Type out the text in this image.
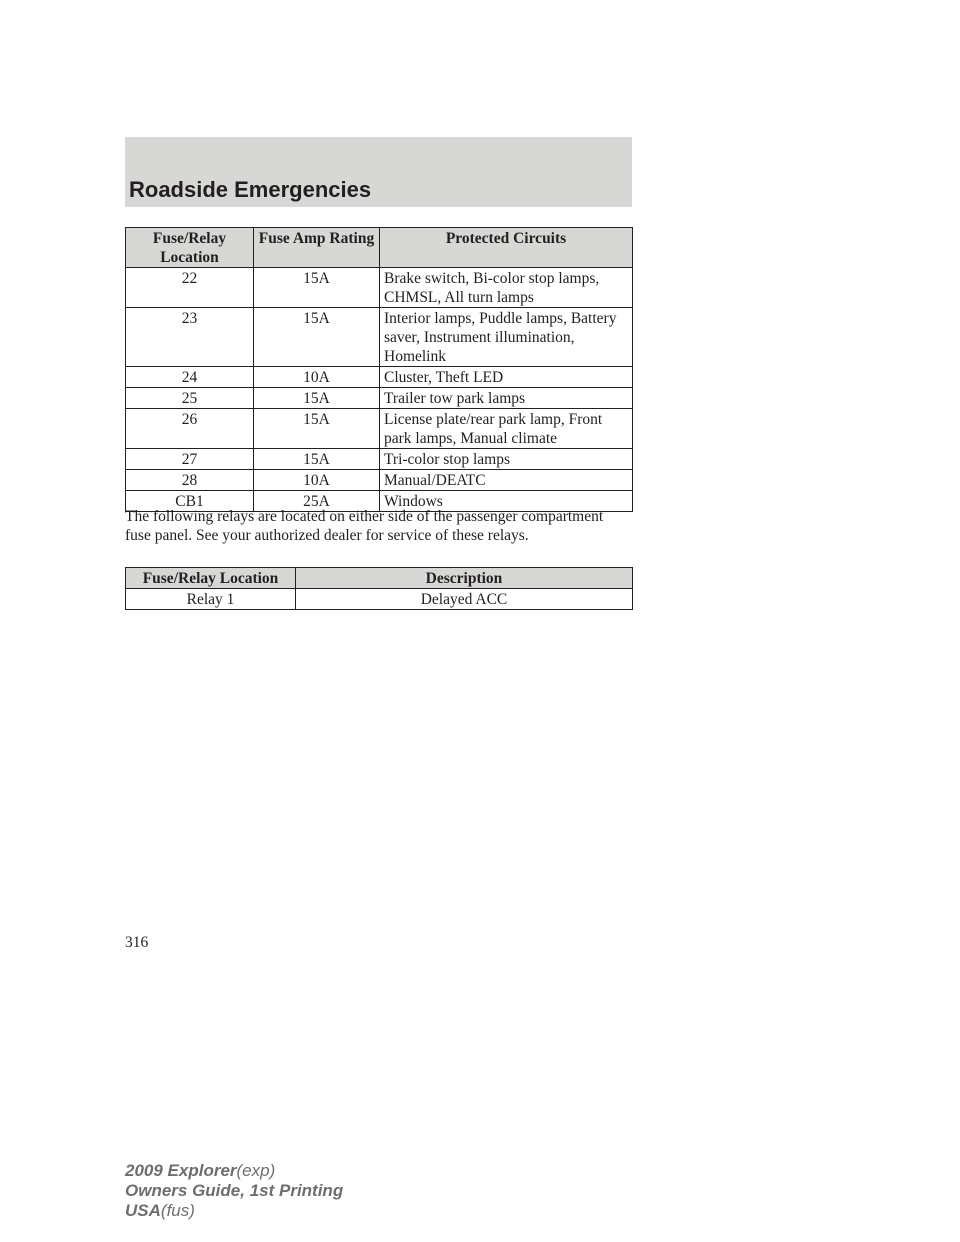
Roadside Emergencies
Fuse/Relay Location	Fuse Amp Rating	Protected Circuits
22	15A	Brake switch, Bi-color stop lamps, CHMSL, All turn lamps
23	15A	Interior lamps, Puddle lamps, Battery saver, Instrument illumination, Homelink
24	10A	Cluster, Theft LED
25	15A	Trailer tow park lamps
26	15A	License plate/rear park lamp, Front park lamps, Manual climate
27	15A	Tri-color stop lamps
28	10A	Manual/DEATC
CB1	25A	Windows

The following relays are located on either side of the passenger compartment fuse panel. See your authorized dealer for service of these relays.

Fuse/Relay Location	Description
Relay 1	Delayed ACC

316

2009 Explorer(exp)
Owners Guide, 1st Printing
USA(fus)
